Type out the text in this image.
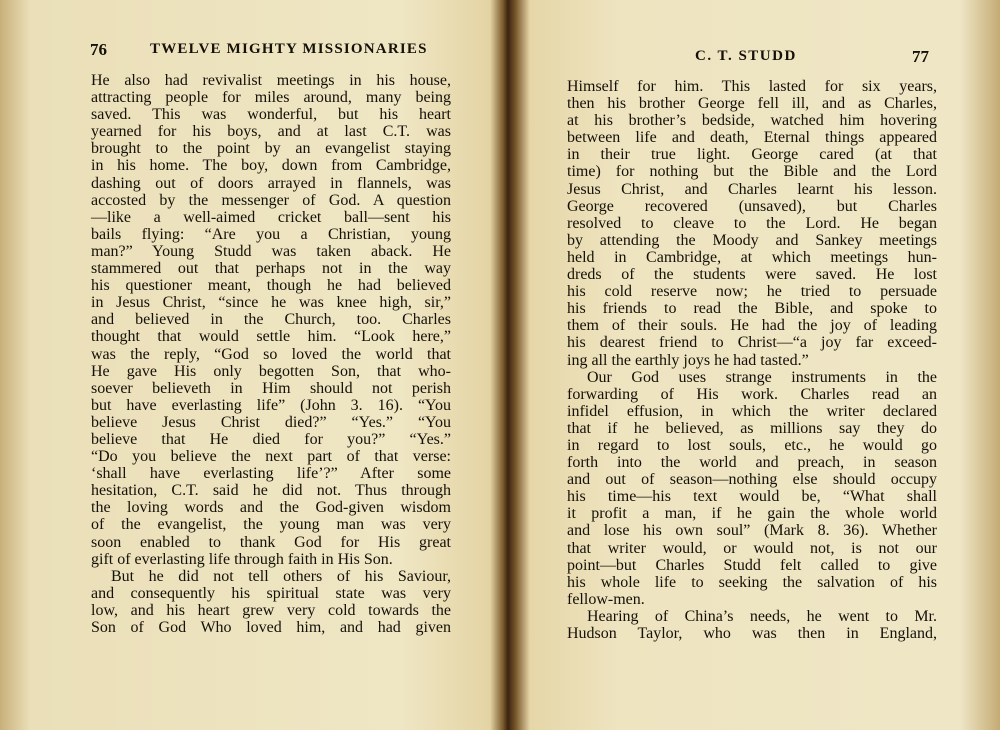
76	TWELVE MIGHTY MISSIONARIES
He also had revivalist meetings in his house,
attracting people for miles around, many being
saved. This was wonderful, but his heart
yearned for his boys, and at last C.T. was
brought to the point by an evangelist staying
in his home. The boy, down from Cambridge,
dashing out of doors arrayed in flannels, was
accosted by the messenger of God. A question
—like a well-aimed cricket ball—sent his
bails flying: “Are you a Christian, young
man?” Young Studd was taken aback. He
stammered out that perhaps not in the way
his questioner meant, though he had believed
in Jesus Christ, “since he was knee high, sir,”
and believed in the Church, too. Charles
thought that would settle him. “Look here,”
was the reply, “God so loved the world that
He gave His only begotten Son, that who-
soever believeth in Him should not perish
but have everlasting life” (John 3. 16). “You
believe Jesus Christ died?” “Yes.” “You
believe that He died for you?” “Yes.”
“Do you believe the next part of that verse:
‘shall have everlasting life’?” After some
hesitation, C.T. said he did not. Thus through
the loving words and the God-given wisdom
of the evangelist, the young man was very
soon enabled to thank God for His great
gift of everlasting life through faith in His Son.
But he did not tell others of his Saviour,
and consequently his spiritual state was very
low, and his heart grew very cold towards the
Son of God Who loved him, and had given
C. T. STUDD	77
Himself for him. This lasted for six years,
then his brother George fell ill, and as Charles,
at his brother’s bedside, watched him hovering
between life and death, Eternal things appeared
in their true light. George cared (at that
time) for nothing but the Bible and the Lord
Jesus Christ, and Charles learnt his lesson.
George recovered (unsaved), but Charles
resolved to cleave to the Lord. He began
by attending the Moody and Sankey meetings
held in Cambridge, at which meetings hun-
dreds of the students were saved. He lost
his cold reserve now; he tried to persuade
his friends to read the Bible, and spoke to
them of their souls. He had the joy of leading
his dearest friend to Christ—“a joy far exceed-
ing all the earthly joys he had tasted.”
Our God uses strange instruments in the
forwarding of His work. Charles read an
infidel effusion, in which the writer declared
that if he believed, as millions say they do
in regard to lost souls, etc., he would go
forth into the world and preach, in season
and out of season—nothing else should occupy
his time—his text would be, “What shall
it profit a man, if he gain the whole world
and lose his own soul” (Mark 8. 36). Whether
that writer would, or would not, is not our
point—but Charles Studd felt called to give
his whole life to seeking the salvation of his
fellow-men.
Hearing of China’s needs, he went to Mr.
Hudson Taylor, who was then in England,
